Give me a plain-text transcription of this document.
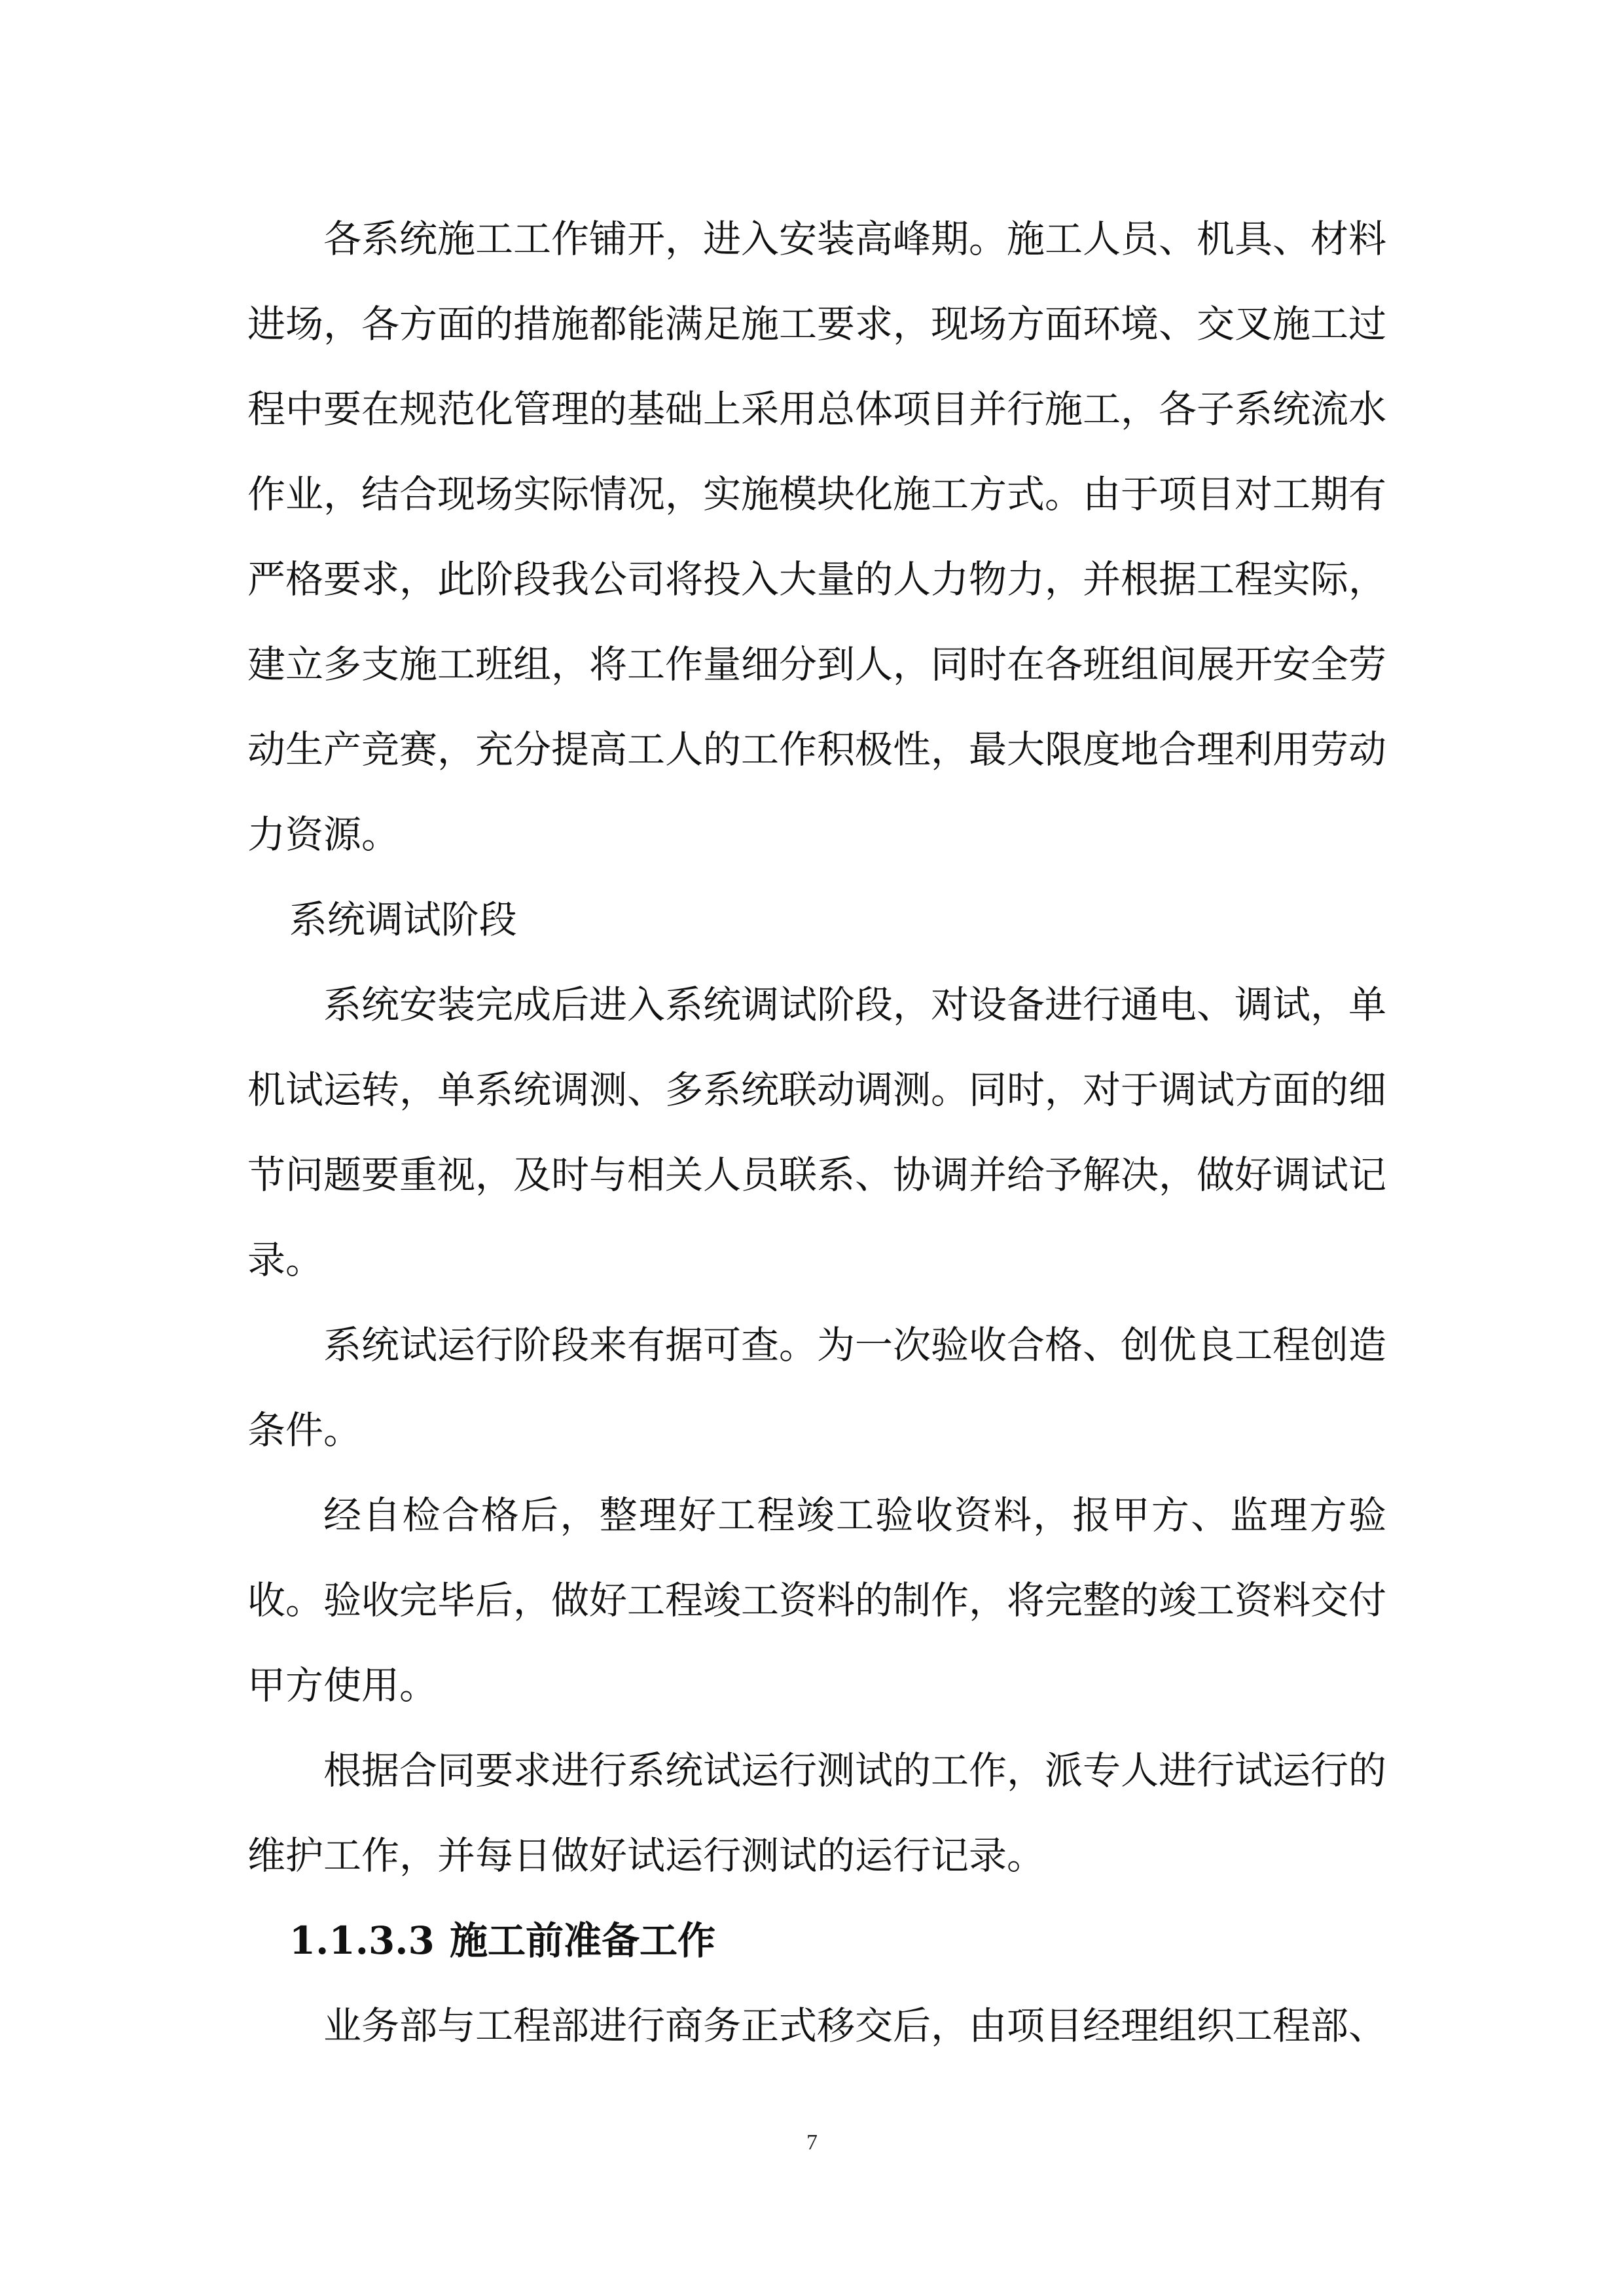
各系统施工工作铺开，进入安装高峰期。施工人员、机具、材料进场，各方面的措施都能满足施工要求，现场方面环境、交叉施工过程中要在规范化管理的基础上采用总体项目并行施工，各子系统流水作业，结合现场实际情况，实施模块化施工方式。由于项目对工期有严格要求，此阶段我公司将投入大量的人力物力，并根据工程实际，建立多支施工班组，将工作量细分到人，同时在各班组间展开安全劳动生产竞赛，充分提高工人的工作积极性，最大限度地合理利用劳动力资源。

系统调试阶段

系统安装完成后进入系统调试阶段，对设备进行通电、调试，单机试运转，单系统调测、多系统联动调测。同时，对于调试方面的细节问题要重视，及时与相关人员联系、协调并给予解决，做好调试记录。

系统试运行阶段来有据可查。为一次验收合格、创优良工程创造条件。

经自检合格后，整理好工程竣工验收资料，报甲方、监理方验收。验收完毕后，做好工程竣工资料的制作，将完整的竣工资料交付甲方使用。

根据合同要求进行系统试运行测试的工作，派专人进行试运行的维护工作，并每日做好试运行测试的运行记录。

1.1.3.3 施工前准备工作

业务部与工程部进行商务正式移交后，由项目经理组织工程部、

7
